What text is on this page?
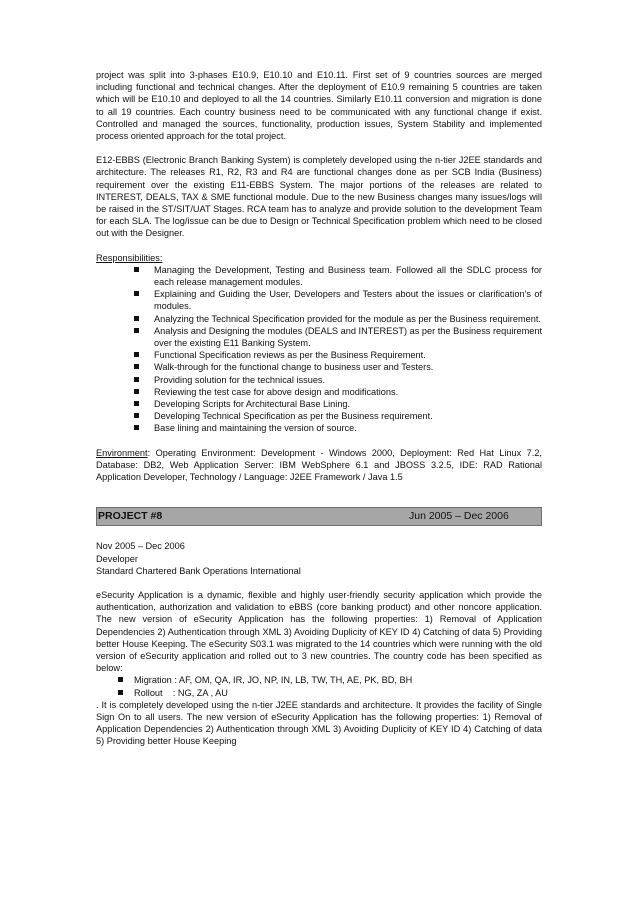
project was split into 3-phases E10.9, E10.10 and E10.11. First set of 9 countries sources are merged including functional and technical changes. After the deployment of E10.9 remaining 5 countries are taken which will be E10.10 and deployed to all the 14 countries. Similarly E10.11 conversion and migration is done to all 19 countries. Each country business need to be communicated with any functional change if exist. Controlled and managed the sources, functionality, production issues, System Stability and implemented process oriented approach for the total project.

E12-EBBS (Electronic Branch Banking System) is completely developed using the n-tier J2EE standards and architecture. The releases R1, R2, R3 and R4 are functional changes done as per SCB India (Business) requirement over the existing E11-EBBS System. The major portions of the releases are related to INTEREST, DEALS, TAX & SME functional module. Due to the new Business changes many issues/logs will be raised in the ST/SIT/UAT Stages. RCA team has to analyze and provide solution to the development Team for each SLA. The log/issue can be due to Design or Technical Specification problem which need to be closed out with the Designer.

Responsibilities:

Managing the Development, Testing and Business team. Followed all the SDLC process for each release management modules.
Explaining and Guiding the User, Developers and Testers about the issues or clarification’s of modules.
Analyzing the Technical Specification provided for the module as per the Business requirement.
Analysis and Designing the modules (DEALS and INTEREST) as per the Business requirement over the existing E11 Banking System.
Functional Specification reviews as per the Business Requirement.
Walk-through for the functional change to business user and Testers.
Providing solution for the technical issues.
Reviewing the test case for above design and modifications.
Developing Scripts for Architectural Base Lining.
Developing Technical Specification as per the Business requirement.
Base lining and maintaining the version of source.

Environment: Operating Environment: Development - Windows 2000, Deployment: Red Hat Linux 7.2, Database: DB2, Web Application Server: IBM WebSphere 6.1 and JBOSS 3.2.5, IDE: RAD Rational Application Developer, Technology / Language: J2EE Framework / Java 1.5

PROJECT #8	Jun 2005 – Dec 2006

Nov 2005 – Dec 2006

Developer

Standard Chartered Bank Operations International

eSecurity Application is a dynamic, flexible and highly user-friendly security application which provide the authentication, authorization and validation to eBBS (core banking product) and other noncore application. The new version of eSecurity Application has the following properties: 1) Removal of Application Dependencies 2) Authentication through XML 3) Avoiding Duplicity of KEY ID 4) Catching of data 5) Providing better House Keeping. The eSecurity S03.1 was migrated to the 14 countries which were running with the old version of eSecurity application and rolled out to 3 new countries. The country code has been specified as below:

Migration : AF, OM, QA, IR, JO, NP, IN, LB, TW, TH, AE, PK, BD, BH
Rollout    : NG, ZA , AU

. It is completely developed using the n-tier J2EE standards and architecture. It provides the facility of Single Sign On to all users. The new version of eSecurity Application has the following properties: 1) Removal of Application Dependencies 2) Authentication through XML 3) Avoiding Duplicity of KEY ID 4) Catching of data 5) Providing better House Keeping
